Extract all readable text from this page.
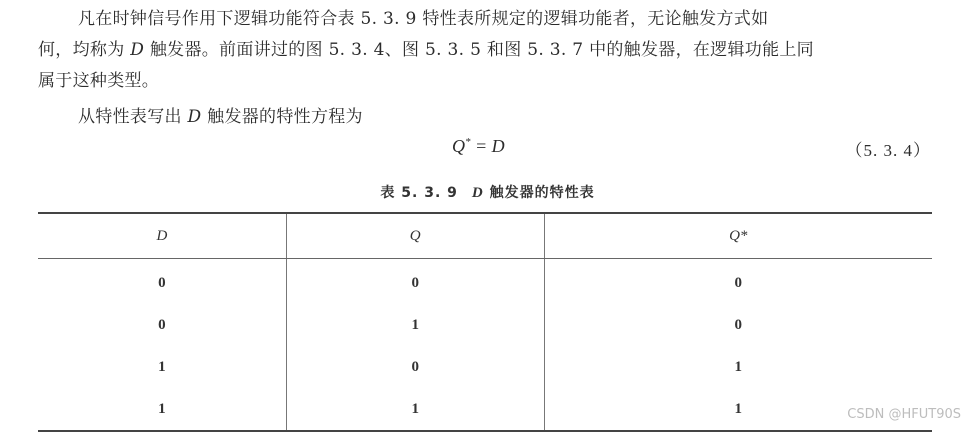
凡在时钟信号作用下逻辑功能符合表 5. 3. 9 特性表所规定的逻辑功能者，无论触发方式如
何，均称为 D 触发器。前面讲过的图 5. 3. 4、图 5. 3. 5 和图 5. 3. 7 中的触发器，在逻辑功能上同
属于这种类型。
从特性表写出 D 触发器的特性方程为
Q* = D	（5. 3. 4）
表 5. 3. 9 D 触发器的特性表
D	Q	Q*
0	0	0
0	1	0
1	0	1
1	1	1	CSDN @HFUT90S
